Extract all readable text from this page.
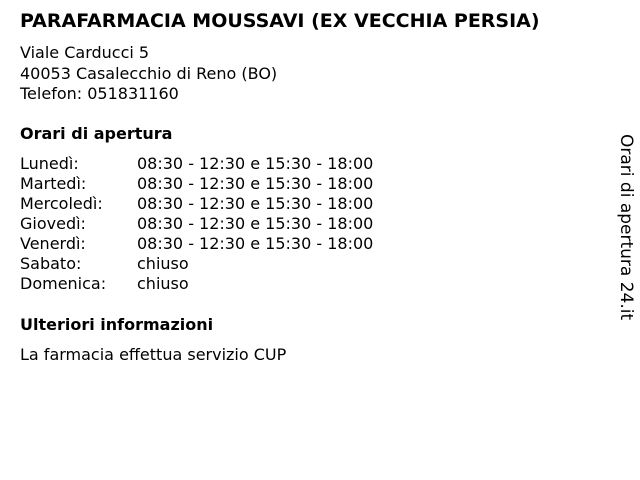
PARAFARMACIA MOUSSAVI (EX VECCHIA PERSIA)
Viale Carducci 5
40053 Casalecchio di Reno (BO)
Telefon: 051831160
Orari di apertura
Lunedì:	08:30 - 12:30 e 15:30 - 18:00
Martedì:	08:30 - 12:30 e 15:30 - 18:00
Mercoledì:	08:30 - 12:30 e 15:30 - 18:00
Giovedì:	08:30 - 12:30 e 15:30 - 18:00
Venerdì:	08:30 - 12:30 e 15:30 - 18:00
Sabato:	chiuso
Domenica:	chiuso
Ulteriori informazioni
La farmacia effettua servizio CUP
Orari di apertura 24.it
